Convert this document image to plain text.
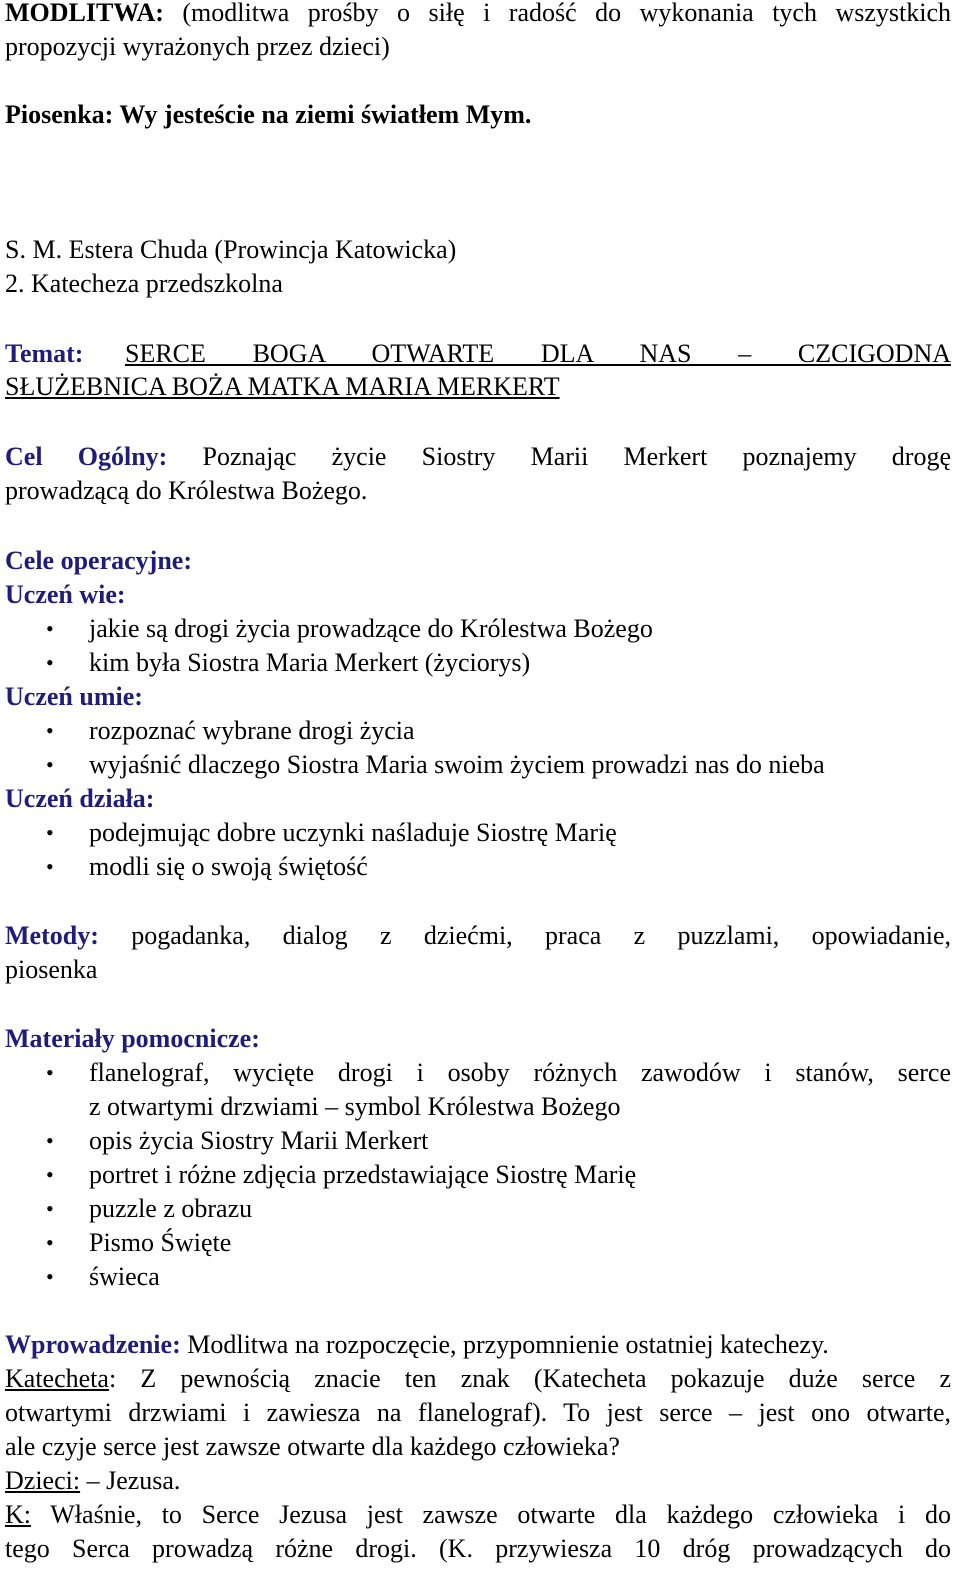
MODLITWA: (modlitwa prośby o siłę i radość do wykonania tych wszystkich
propozycji wyrażonych przez dzieci)
Piosenka: Wy jesteście na ziemi światłem Mym.
S. M. Estera Chuda (Prowincja Katowicka)
2. Katecheza przedszkolna
Temat: SERCE BOGA OTWARTE DLA NAS – CZCIGODNA
SŁUŻEBNICA BOŻA MATKA MARIA MERKERT
Cel Ogólny: Poznając życie Siostry Marii Merkert poznajemy drogę
prowadzącą do Królestwa Bożego.
Cele operacyjne:
Uczeń wie:
•	jakie są drogi życia prowadzące do Królestwa Bożego
•	kim była Siostra Maria Merkert (życiorys)
Uczeń umie:
•	rozpoznać wybrane drogi życia
•	wyjaśnić dlaczego Siostra Maria swoim życiem prowadzi nas do nieba
Uczeń działa:
•	podejmując dobre uczynki naśladuje Siostrę Marię
•	modli się o swoją świętość
Metody: pogadanka, dialog z dziećmi, praca z puzzlami, opowiadanie,
piosenka
Materiały pomocnicze:
•	flanelograf, wycięte drogi i osoby różnych zawodów i stanów, serce
z otwartymi drzwiami – symbol Królestwa Bożego
•	opis życia Siostry Marii Merkert
•	portret i różne zdjęcia przedstawiające Siostrę Marię
•	puzzle z obrazu
•	Pismo Święte
•	świeca
Wprowadzenie: Modlitwa na rozpoczęcie, przypomnienie ostatniej katechezy.
Katecheta: Z pewnością znacie ten znak (Katecheta pokazuje duże serce z
otwartymi drzwiami i zawiesza na flanelograf). To jest serce – jest ono otwarte,
ale czyje serce jest zawsze otwarte dla każdego człowieka?
Dzieci: – Jezusa.
K: Właśnie, to Serce Jezusa jest zawsze otwarte dla każdego człowieka i do
tego Serca prowadzą różne drogi. (K. przywiesza 10 dróg prowadzących do
